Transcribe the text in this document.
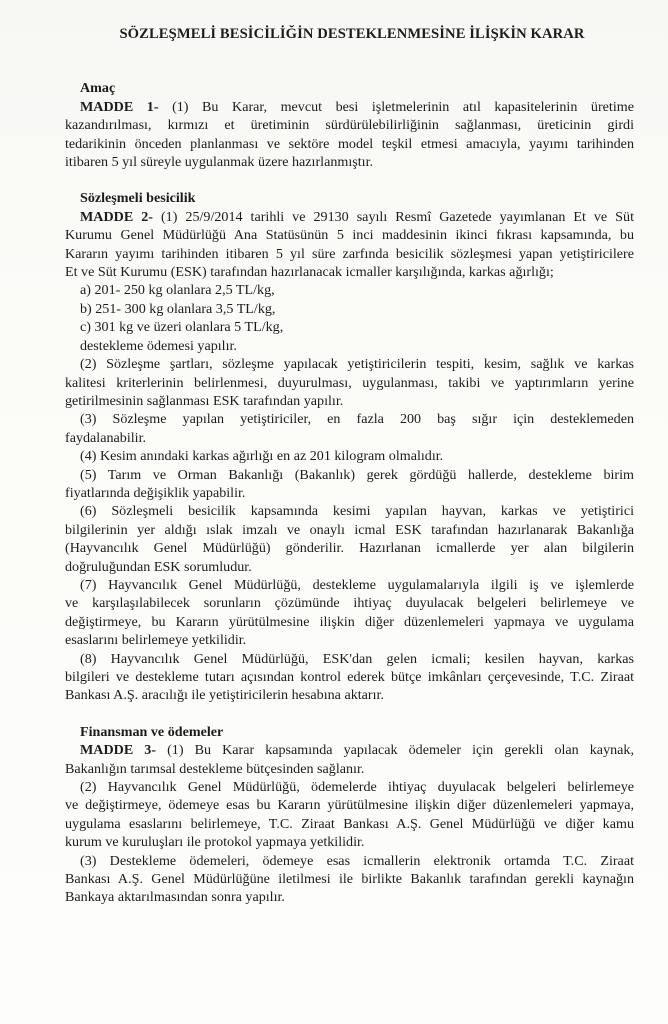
SÖZLEŞMELİ BESİCİLİĞİN DESTEKLENMESİNE İLİŞKİN KARAR
Amaç
MADDE 1- (1) Bu Karar, mevcut besi işletmelerinin atıl kapasitelerinin üretime
kazandırılması, kırmızı et üretiminin sürdürülebilirliğinin sağlanması, üreticinin girdi
tedarikinin önceden planlanması ve sektöre model teşkil etmesi amacıyla, yayımı tarihinden
itibaren 5 yıl süreyle uygulanmak üzere hazırlanmıştır.
Sözleşmeli besicilik
MADDE 2- (1) 25/9/2014 tarihli ve 29130 sayılı Resmî Gazetede yayımlanan Et ve Süt
Kurumu Genel Müdürlüğü Ana Statüsünün 5 inci maddesinin ikinci fıkrası kapsamında, bu
Kararın yayımı tarihinden itibaren 5 yıl süre zarfında besicilik sözleşmesi yapan yetiştiricilere
Et ve Süt Kurumu (ESK) tarafından hazırlanacak icmaller karşılığında, karkas ağırlığı;
a) 201- 250 kg olanlara 2,5 TL/kg,
b) 251- 300 kg olanlara 3,5 TL/kg,
c) 301 kg ve üzeri olanlara 5 TL/kg,
destekleme ödemesi yapılır.
(2) Sözleşme şartları, sözleşme yapılacak yetiştiricilerin tespiti, kesim, sağlık ve karkas
kalitesi kriterlerinin belirlenmesi, duyurulması, uygulanması, takibi ve yaptırımların yerine
getirilmesinin sağlanması ESK tarafından yapılır.
(3) Sözleşme yapılan yetiştiriciler, en fazla 200 baş sığır için desteklemeden
faydalanabilir.
(4) Kesim anındaki karkas ağırlığı en az 201 kilogram olmalıdır.
(5) Tarım ve Orman Bakanlığı (Bakanlık) gerek gördüğü hallerde, destekleme birim
fiyatlarında değişiklik yapabilir.
(6) Sözleşmeli besicilik kapsamında kesimi yapılan hayvan, karkas ve yetiştirici
bilgilerinin yer aldığı ıslak imzalı ve onaylı icmal ESK tarafından hazırlanarak Bakanlığa
(Hayvancılık Genel Müdürlüğü) gönderilir. Hazırlanan icmallerde yer alan bilgilerin
doğruluğundan ESK sorumludur.
(7) Hayvancılık Genel Müdürlüğü, destekleme uygulamalarıyla ilgili iş ve işlemlerde
ve karşılaşılabilecek sorunların çözümünde ihtiyaç duyulacak belgeleri belirlemeye ve
değiştirmeye, bu Kararın yürütülmesine ilişkin diğer düzenlemeleri yapmaya ve uygulama
esaslarını belirlemeye yetkilidir.
(8) Hayvancılık Genel Müdürlüğü, ESK'dan gelen icmali; kesilen hayvan, karkas
bilgileri ve destekleme tutarı açısından kontrol ederek bütçe imkânları çerçevesinde, T.C. Ziraat
Bankası A.Ş. aracılığı ile yetiştiricilerin hesabına aktarır.
Finansman ve ödemeler
MADDE 3- (1) Bu Karar kapsamında yapılacak ödemeler için gerekli olan kaynak,
Bakanlığın tarımsal destekleme bütçesinden sağlanır.
(2) Hayvancılık Genel Müdürlüğü, ödemelerde ihtiyaç duyulacak belgeleri belirlemeye
ve değiştirmeye, ödemeye esas bu Kararın yürütülmesine ilişkin diğer düzenlemeleri yapmaya,
uygulama esaslarını belirlemeye, T.C. Ziraat Bankası A.Ş. Genel Müdürlüğü ve diğer kamu
kurum ve kuruluşları ile protokol yapmaya yetkilidir.
(3) Destekleme ödemeleri, ödemeye esas icmallerin elektronik ortamda T.C. Ziraat
Bankası A.Ş. Genel Müdürlüğüne iletilmesi ile birlikte Bakanlık tarafından gerekli kaynağın
Bankaya aktarılmasından sonra yapılır.
